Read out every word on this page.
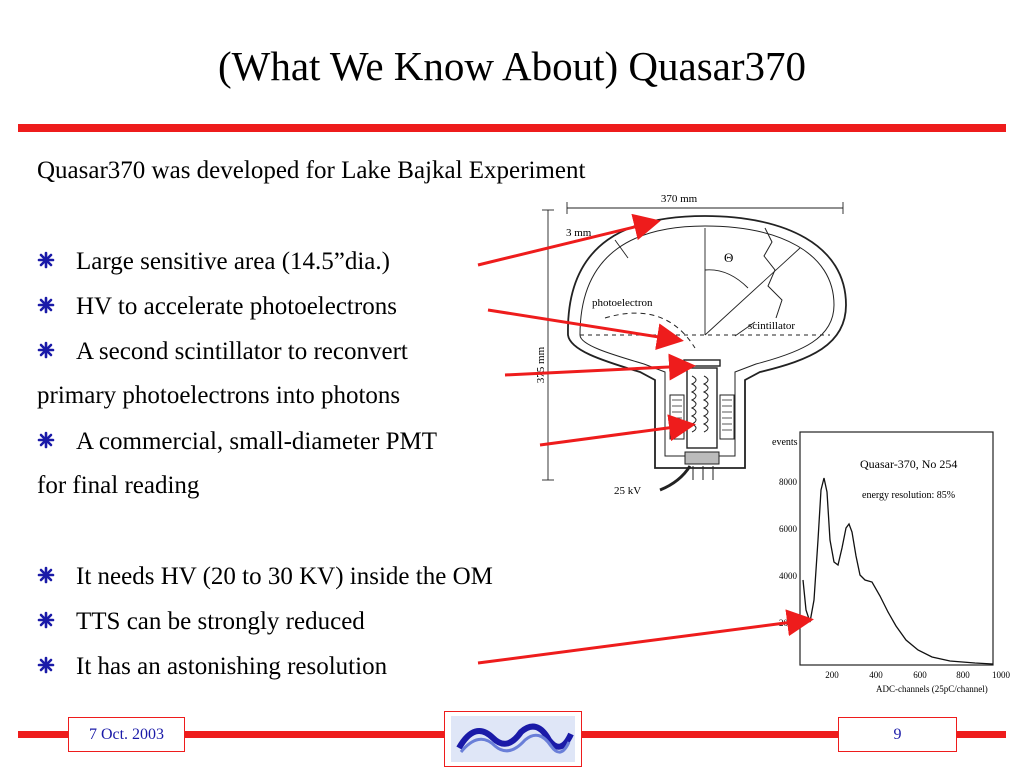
(What We Know About) Quasar370
Quasar370 was developed for Lake Bajkal Experiment
Large sensitive area (14.5”dia.)
HV to accelerate photoelectrons
A second scintillator to reconvert
primary photoelectrons into photons
A commercial, small-diameter PMT
for final reading
It needs HV (20 to 30 KV) inside the OM
TTS can be strongly reduced
It has an astonishing resolution
370 mm
375 mm
3 mm
Θ
photoelectron
scintillator
25 kV
events
Quasar-370, No 254
energy resolution: 85%
8000
6000
4000
200	400	600	800 1000
ADC-channels (25pC/channel)
7 Oct. 2003	9
